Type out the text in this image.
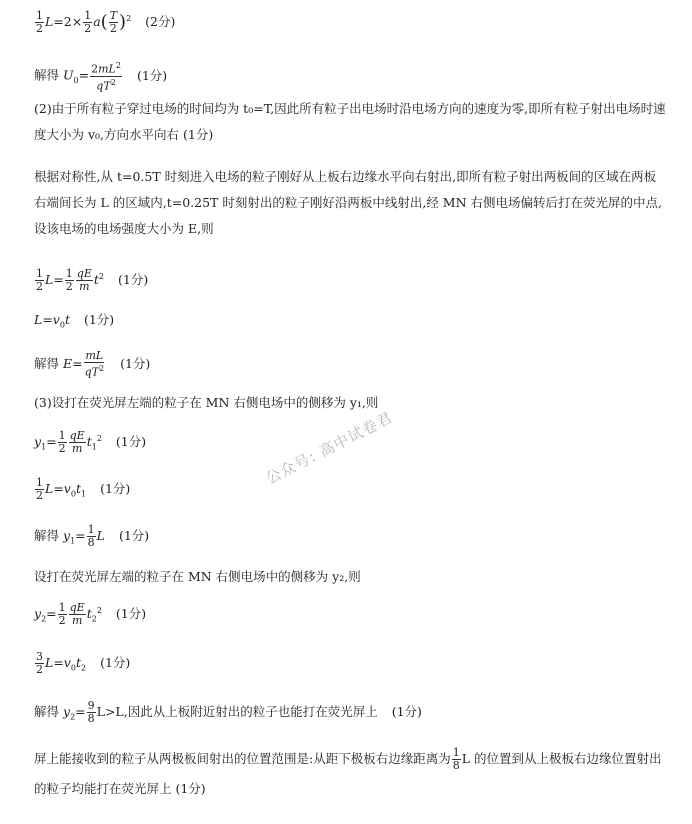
$\frac{1}{2} L=2\times \frac{1}{2} a( \frac{T}{2} )^2$ (2分)
解得 $U_0= \frac{2mL^2}{qT^2} (1$分)
(2)由于所有粒子穿过电场的时间均为 t₀=T,因此所有粒子出电场时沿电场方向的速度为零,即所有粒子射出电场时速度大小为 v₀,方向水平向右 (1分)
根据对称性,从 t=0.5T 时刻进入电场的粒子刚好从上板右边缘水平向右射出,即所有粒子射出两板间的区域在两板右端间长为 L 的区域内,t=0.25T 时刻射出的粒子刚好沿两板中线射出,经 MN 右侧电场偏转后打在荧光屏的中点,设该电场的电场强度大小为 E,则
$\frac{1}{2} L= \frac{1}{2} \frac{qE}{m} t^2$ (1分)
$L=v_0t$ (1分)
解得 $E= \frac{mL}{qT^2} (1$分)
(3)设打在荧光屏左端的粒子在 MN 右侧电场中的侧移为 y₁,则
$y_1= \frac{1}{2} \frac{qE}{m} t_1^2$ (1分)
$\frac{1}{2} L=v_0t_1$ (1分)
解得 $y_1= \frac{1}{8}$ L (1分)
设打在荧光屏左端的粒子在 MN 右侧电场中的侧移为 y₂,则
$y_2= \frac{1}{2} \frac{qE}{m} t_2^2$ (1分)
$\frac{3}{2} L=v_0t_2$ (1分)
解得 $y_2= \frac{9}{8} L>L$,因此从上板附近射出的粒子也能打在荧光屏上 (1分)
屏上能接收到的粒子从两极板间射出的位置范围是:从距下极板右边缘距离为 $\frac{1}{8}$ L 的位置到从上极板右边缘位置射出的粒子均能打在荧光屏上 (1分)
公众号: 高中试卷君
